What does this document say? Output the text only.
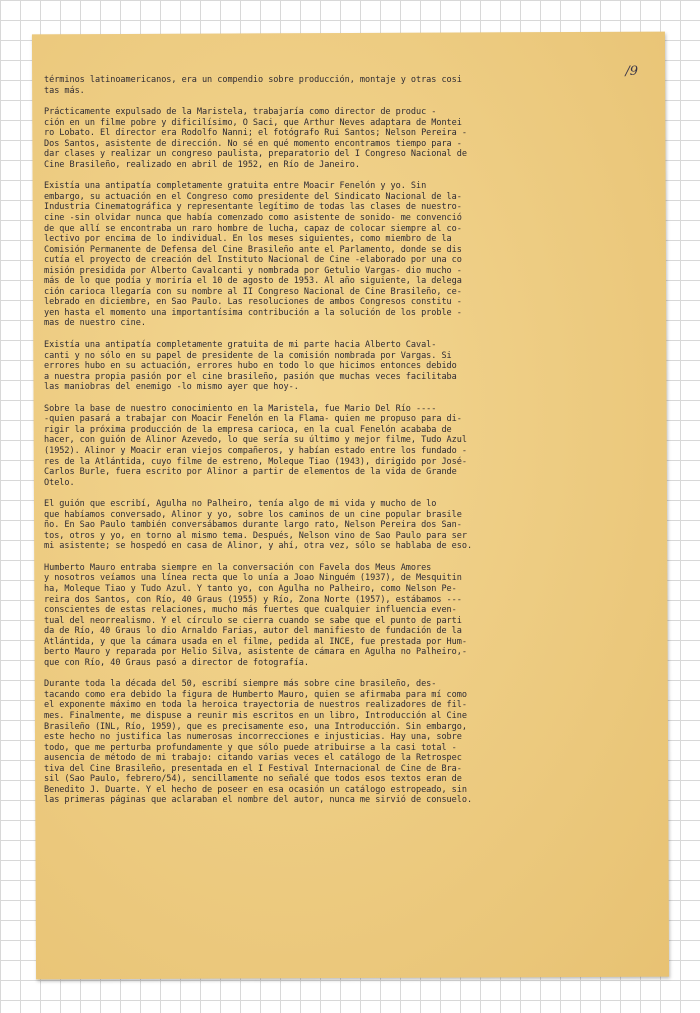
/9
términos latinoamericanos, era un compendio sobre producción, montaje y otras cosi
tas más.
Prácticamente expulsado de la Maristela, trabajaría como director de produc -
ción en un filme pobre y dificilísimo, O Saci, que Arthur Neves adaptara de Montei
ro Lobato. El director era Rodolfo Nanni; el fotógrafo Rui Santos; Nelson Pereira -
Dos Santos, asistente de dirección. No sé en qué momento encontramos tiempo para -
dar clases y realizar un congreso paulista, preparatorio del I Congreso Nacional de
Cine Brasileño, realizado en abril de 1952, en Río de Janeiro.
Existía una antipatía completamente gratuita entre Moacir Fenelón y yo. Sin
embargo, su actuación en el Congreso como presidente del Sindicato Nacional de la-
Industria Cinematográfica y representante legítimo de todas las clases de nuestro-
cine -sin olvidar nunca que había comenzado como asistente de sonido- me convenció
de que allí se encontraba un raro hombre de lucha, capaz de colocar siempre al co-
lectivo por encima de lo individual. En los meses siguientes, como miembro de la
Comisión Permanente de Defensa del Cine Brasileño ante el Parlamento, donde se dis
cutía el proyecto de creación del Instituto Nacional de Cine -elaborado por una co
misión presidida por Alberto Cavalcanti y nombrada por Getulio Vargas- dio mucho -
más de lo que podía y moriría el 10 de agosto de 1953. Al año siguiente, la delega
ción carioca llegaría con su nombre al II Congreso Nacional de Cine Brasileño, ce-
lebrado en diciembre, en Sao Paulo. Las resoluciones de ambos Congresos constitu -
yen hasta el momento una importantísima contribución a la solución de los proble -
mas de nuestro cine.
Existía una antipatía completamente gratuita de mi parte hacia Alberto Caval-
canti y no sólo en su papel de presidente de la comisión nombrada por Vargas. Si
errores hubo en su actuación, errores hubo en todo lo que hicimos entonces debido
a nuestra propia pasión por el cine brasileño, pasión que muchas veces facilitaba
las maniobras del enemigo -lo mismo ayer que hoy-.
Sobre la base de nuestro conocimiento en la Maristela, fue Mario Del Río ----
-quien pasará a trabajar con Moacir Fenelón en la Flama- quien me propuso para di-
rigir la próxima producción de la empresa carioca, en la cual Fenelón acababa de
hacer, con guión de Alinor Azevedo, lo que sería su último y mejor filme, Tudo Azul
(1952). Alinor y Moacir eran viejos compañeros, y habían estado entre los fundado -
res de la Atlántida, cuyo filme de estreno, Moleque Tiao (1943), dirigido por José-
Carlos Burle, fuera escrito por Alinor a partir de elementos de la vida de Grande
Otelo.
El guión que escribí, Agulha no Palheiro, tenía algo de mi vida y mucho de lo
que habíamos conversado, Alinor y yo, sobre los caminos de un cine popular brasile
ño. En Sao Paulo también conversábamos durante largo rato, Nelson Pereira dos San-
tos, otros y yo, en torno al mismo tema. Después, Nelson vino de Sao Paulo para ser
mi asistente; se hospedó en casa de Alinor, y ahí, otra vez, sólo se hablaba de eso.
Humberto Mauro entraba siempre en la conversación con Favela dos Meus Amores
y nosotros veíamos una línea recta que lo unía a Joao Ninguém (1937), de Mesquitin
ha, Moleque Tiao y Tudo Azul. Y tanto yo, con Agulha no Palheiro, como Nelson Pe-
reira dos Santos, con Río, 40 Graus (1955) y Río, Zona Norte (1957), estábamos ---
conscientes de estas relaciones, mucho más fuertes que cualquier influencia even-
tual del neorrealismo. Y el círculo se cierra cuando se sabe que el punto de parti
da de Río, 40 Graus lo dio Arnaldo Farias, autor del manifiesto de fundación de la
Atlántida, y que la cámara usada en el filme, pedida al INCE, fue prestada por Hum-
berto Mauro y reparada por Helio Silva, asistente de cámara en Agulha no Palheiro,-
que con Río, 40 Graus pasó a director de fotografía.
Durante toda la década del 50, escribí siempre más sobre cine brasileño, des-
tacando como era debido la figura de Humberto Mauro, quien se afirmaba para mí como
el exponente máximo en toda la heroica trayectoria de nuestros realizadores de fil-
mes. Finalmente, me dispuse a reunir mis escritos en un libro, Introducción al Cine
Brasileño (INL, Río, 1959), que es precisamente eso, una Introducción. Sin embargo,
este hecho no justifica las numerosas incorrecciones e injusticias. Hay una, sobre
todo, que me perturba profundamente y que sólo puede atribuirse a la casi total -
ausencia de método de mi trabajo: citando varias veces el catálogo de la Retrospec
tiva del Cine Brasileño, presentada en el I Festival Internacional de Cine de Bra-
sil (Sao Paulo, febrero/54), sencillamente no señalé que todos esos textos eran de
Benedito J. Duarte. Y el hecho de poseer en esa ocasión un catálogo estropeado, sin
las primeras páginas que aclaraban el nombre del autor, nunca me sirvió de consuelo.
